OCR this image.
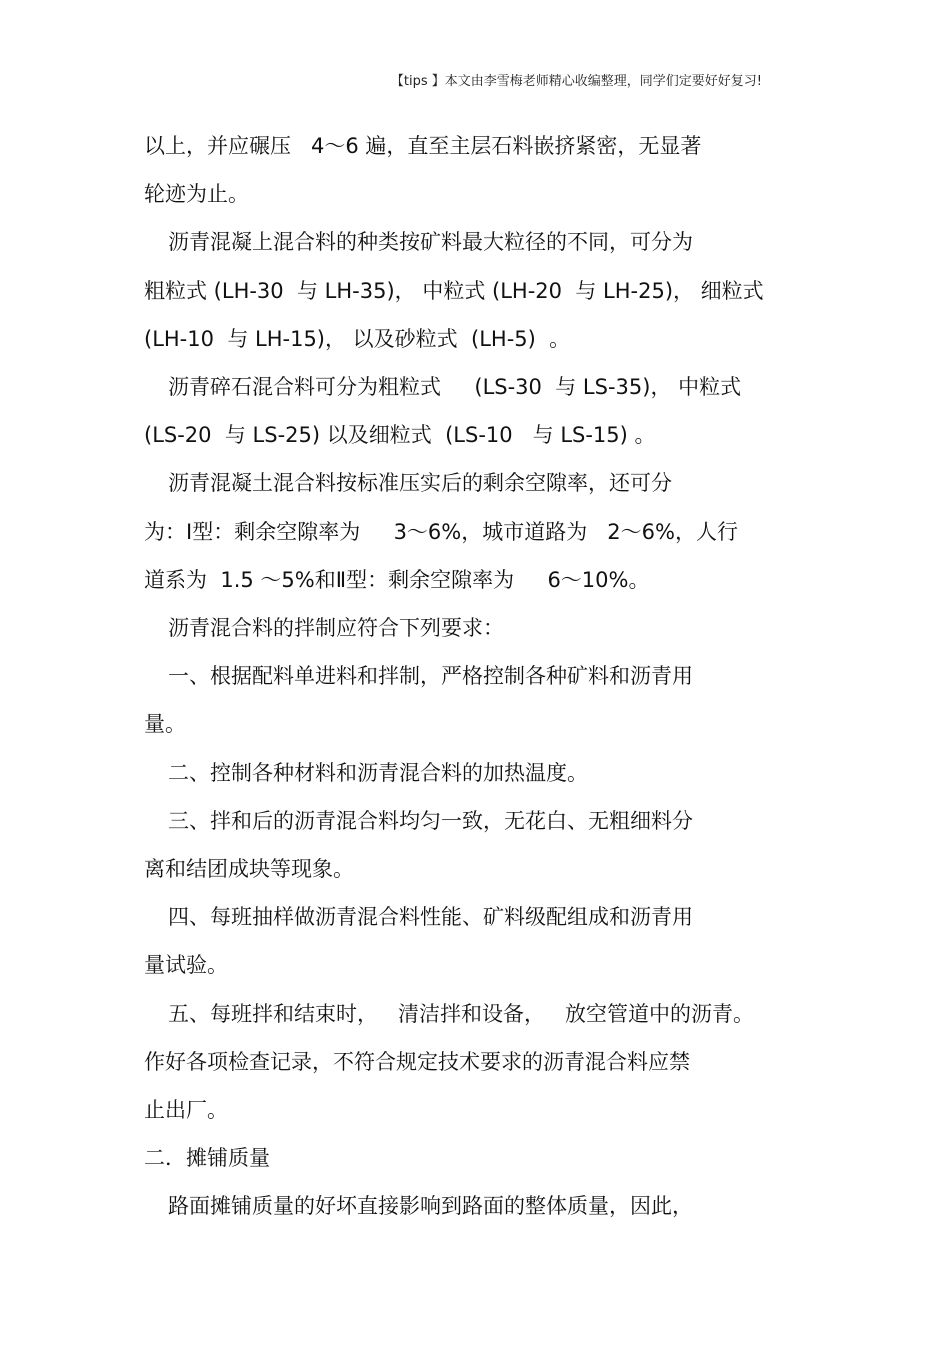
【tips 】本文由李雪梅老师精心收编整理，同学们定要好好复习!
以上，并应碾压   4～6 遍，直至主层石料嵌挤紧密，无显著
轮迹为止。
沥青混凝上混合料的种类按矿料最大粒径的不同，可分为
粗粒式 (LH-30  与 LH-35)， 中粒式 (LH-20  与 LH-25)， 细粒式
(LH-10  与 LH-15)， 以及砂粒式  (LH-5)  。
沥青碎石混合料可分为粗粒式     (LS-30  与 LS-35)， 中粒式
(LS-20  与 LS-25) 以及细粒式  (LS-10   与 LS-15) 。
沥青混凝土混合料按标准压实后的剩余空隙率，还可分
为：Ⅰ型：剩余空隙率为     3～6%，城市道路为   2～6%，人行
道系为  1.5 ～5%和Ⅱ型：剩余空隙率为     6～10%。
沥青混合料的拌制应符合下列要求：
一、根据配料单进料和拌制，严格控制各种矿料和沥青用
量。
二、控制各种材料和沥青混合料的加热温度。
三、拌和后的沥青混合料均匀一致，无花白、无粗细料分
离和结团成块等现象。
四、每班抽样做沥青混合料性能、矿料级配组成和沥青用
量试验。
五、每班拌和结束时，   清洁拌和设备，   放空管道中的沥青。
作好各项检查记录，不符合规定技术要求的沥青混合料应禁
止出厂。
二．摊铺质量
路面摊铺质量的好坏直接影响到路面的整体质量，因此，
